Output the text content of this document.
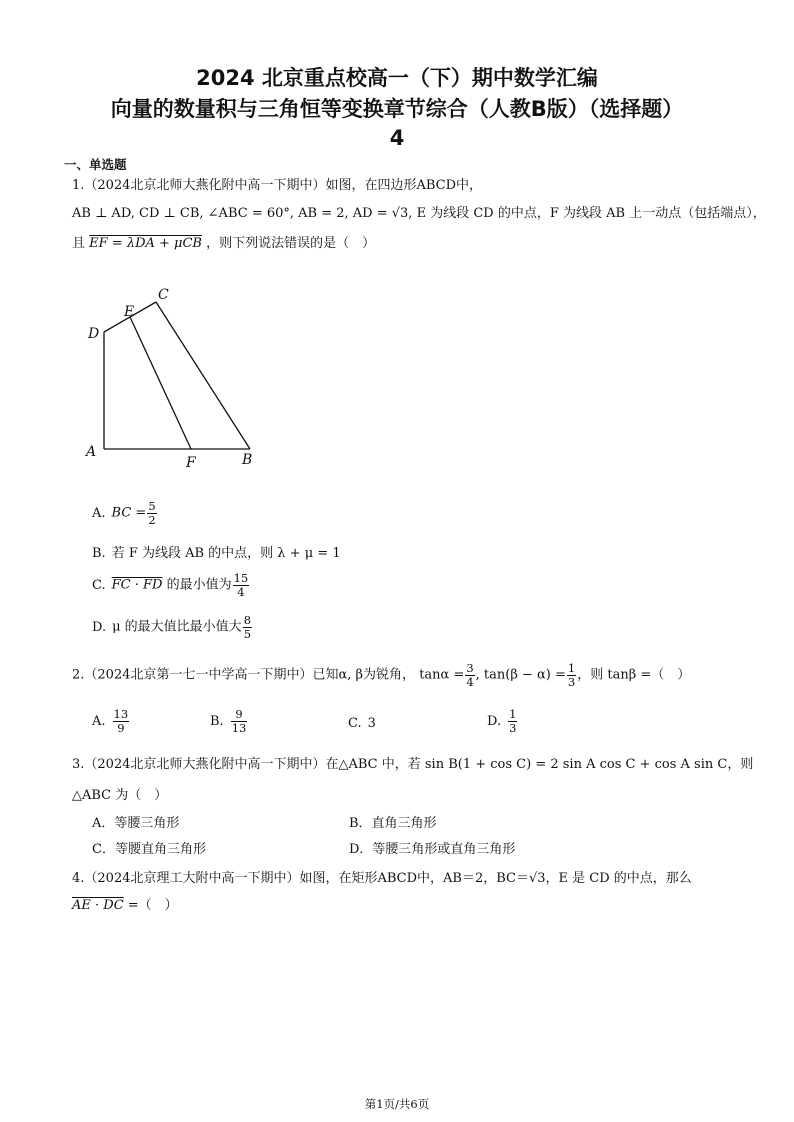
2024 北京重点校高一（下）期中数学汇编
向量的数量积与三角恒等变换章节综合（人教B版）（选择题）
4
一、单选题
1.（2024北京北师大燕化附中高一下期中）如图，在四边形ABCD中，
AB ⊥ AD, CD ⊥ CB, ∠ABC = 60°, AB = 2, AD = √3, E 为线段 CD 的中点，F 为线段 AB 上一动点（包括端点），
且 EF = λDA + μCB ，则下列说法错误的是（　）
C
E
D
A
F	B
A. BC = $\frac{5}{2}$
B. 若 F 为线段 AB 的中点，则 λ + μ = 1
C. FC · FD 的最小值为 $\frac{15}{4}$
D. μ 的最大值比最小值大 $\frac{8}{5}$
2.（2024北京第一七一中学高一下期中）已知α, β为锐角， $\tan\alpha = \frac{3}{4}$ , $\tan(\beta - \alpha) = \frac{1}{3}$ ，则 tanβ =（　）
A. $\frac{13}{9}$	B. $\frac{9}{13}$	C. 3	D. $\frac{1}{3}$
3.（2024北京北师大燕化附中高一下期中）在△ABC 中，若 sin B(1 + cos C) = 2 sin A cos C + cos A sin C，则
△ABC 为（　）
A．等腰三角形	B．直角三角形
C．等腰直角三角形	D．等腰三角形或直角三角形
4.（2024北京理工大附中高一下期中）如图，在矩形ABCD中，AB＝2，BC＝√3，E 是 CD 的中点，那么
AE · DC =（　）
第1页/共6页
